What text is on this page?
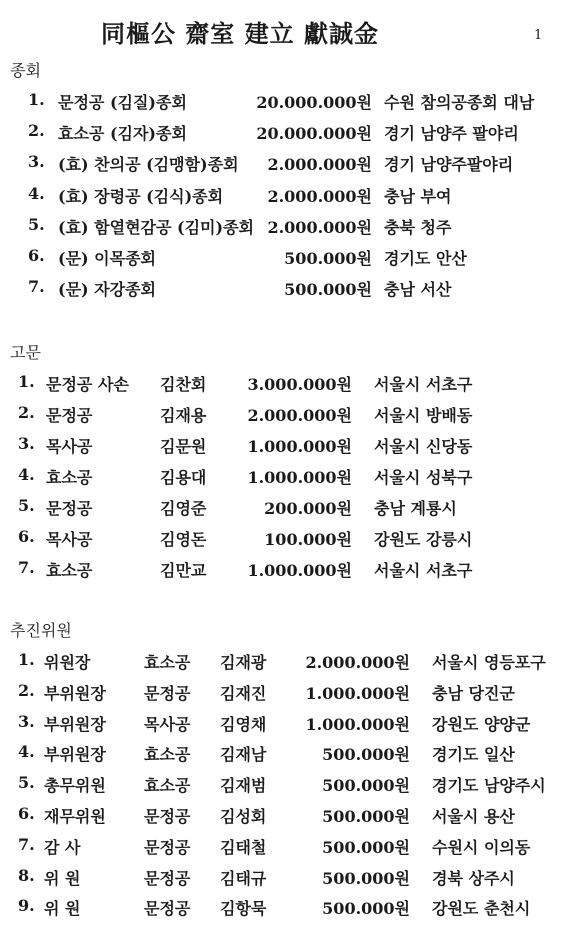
同樞公 齋室 建立 獻誠金	1
종회
고문
추진위원
1. 문정공 (김질)종회	20.000.000원 수원 참의공종회 대남
2. 효소공 (김자)종회	20.000.000원 경기 남양주 팔야리
3. (효) 찬의공 (김맹함)종회 2.000.000원 경기 남양주팔야리
4. (효) 장령공 (김식)종회	2.000.000원 충남 부여
5. (효) 함열현감공 (김미)종회 2.000.000원 충북 청주
6. (문) 이목종회	500.000원 경기도 안산
7. (문) 자강종회	500.000원 충남 서산
1. 문정공 사손 김찬회	3.000.000원 서울시 서초구
2. 문정공	김재용	2.000.000원 서울시 방배동
3. 목사공	김문원	1.000.000원 서울시 신당동
4. 효소공	김용대	1.000.000원 서울시 성북구
5. 문정공	김영준	200.000원 충남 계룡시
6. 목사공	김영돈	100.000원 강원도 강릉시
7. 효소공	김만교	1.000.000원 서울시 서초구
1. 위원장	효소공 김재광 2.000.000원 서울시 영등포구
2. 부위원장 문정공 김재진 1.000.000원 충남 당진군
3. 부위원장 목사공 김영채 1.000.000원 강원도 양양군
4. 부위원장 효소공 김재남	500.000원 경기도 일산
5. 총무위원 효소공 김재범	500.000원 경기도 남양주시
6. 재무위원 문정공 김성회	500.000원 서울시 용산
7. 감 사	문정공 김태철	500.000원 수원시 이의동
8. 위 원	문정공 김태규	500.000원 경북 상주시
9. 위 원	문정공 김항묵	500.000원 강원도 춘천시
